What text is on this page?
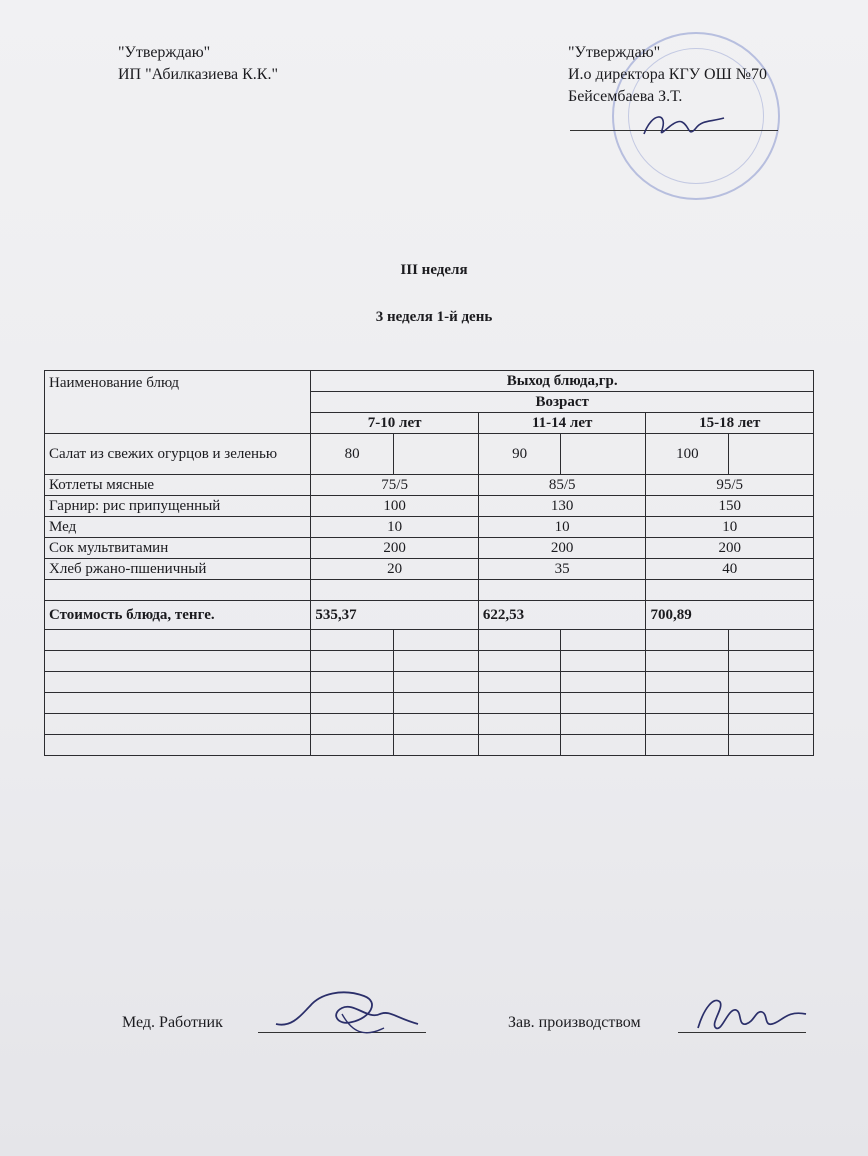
"Утверждаю"
ИП "Абилказиева К.К."
"Утверждаю"
И.о директора КГУ ОШ №70
Бейсембаева З.Т.
III неделя
3 неделя 1-й день
Наименование блюд	Выход блюда,гр.					
	Возраст					
	7-10 лет		11-14 лет		15-18 лет	
Салат из свежих огурцов и зеленью	80		90		100	
Котлеты мясные	75/5		85/5		95/5	
Гарнир: рис припущенный	100		130		150	
Мед	10		10		10	
Сок мультвитамин	200		200		200	
Хлеб ржано-пшеничный	20		35		40	

Стоимость блюда, тенге.	535,37		622,53		700,89	

Мед. Работник	Зав. производством
